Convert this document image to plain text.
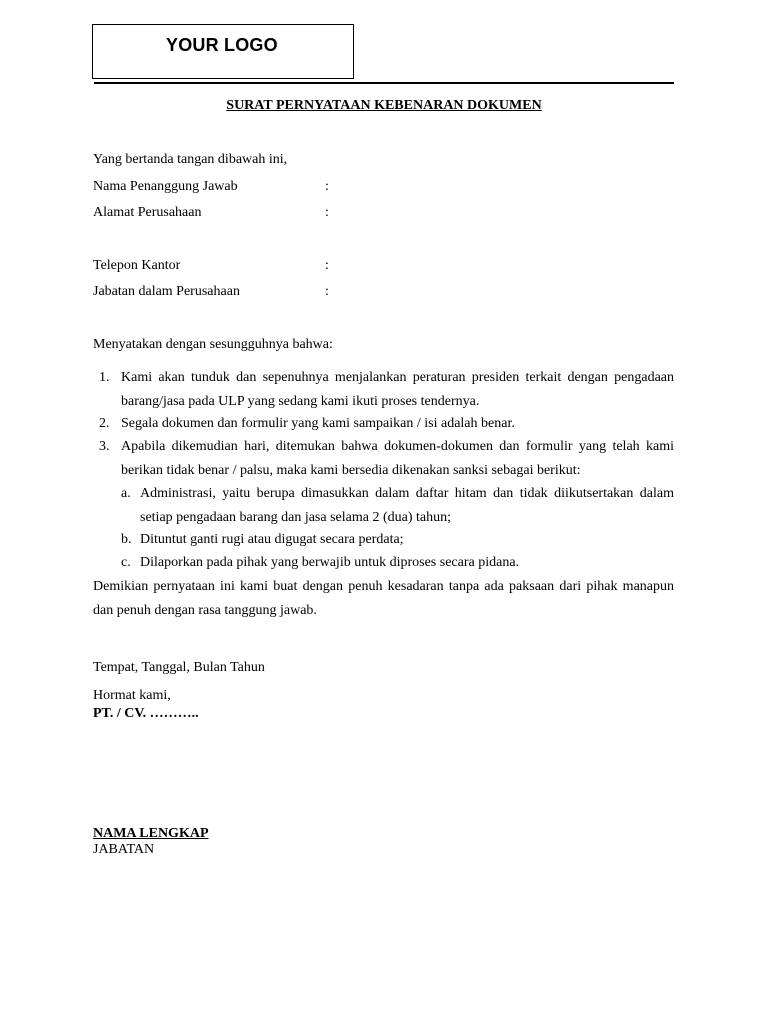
YOUR LOGO
SURAT PERNYATAAN KEBENARAN DOKUMEN
Yang bertanda tangan dibawah ini,
Nama Penanggung Jawab	:
Alamat Perusahaan	:
Telepon Kantor	:
Jabatan dalam Perusahaan	:
Menyatakan dengan sesungguhnya bahwa:
1. Kami akan tunduk dan sepenuhnya menjalankan peraturan presiden terkait dengan pengadaan barang/jasa pada ULP yang sedang kami ikuti proses tendernya.
2. Segala dokumen dan formulir yang kami sampaikan / isi adalah benar.
3. Apabila dikemudian hari, ditemukan bahwa dokumen-dokumen dan formulir yang telah kami berikan tidak benar / palsu, maka kami bersedia dikenakan sanksi sebagai berikut:
a. Administrasi, yaitu berupa dimasukkan dalam daftar hitam dan tidak diikutsertakan dalam setiap pengadaan barang dan jasa selama 2 (dua) tahun;
b. Dituntut ganti rugi atau digugat secara perdata;
c. Dilaporkan pada pihak yang berwajib untuk diproses secara pidana.
Demikian pernyataan ini kami buat dengan penuh kesadaran tanpa ada paksaan dari pihak manapun dan penuh dengan rasa tanggung jawab.
Tempat, Tanggal, Bulan Tahun
Hormat kami,
PT. / CV. ………..
NAMA LENGKAP
JABATAN
